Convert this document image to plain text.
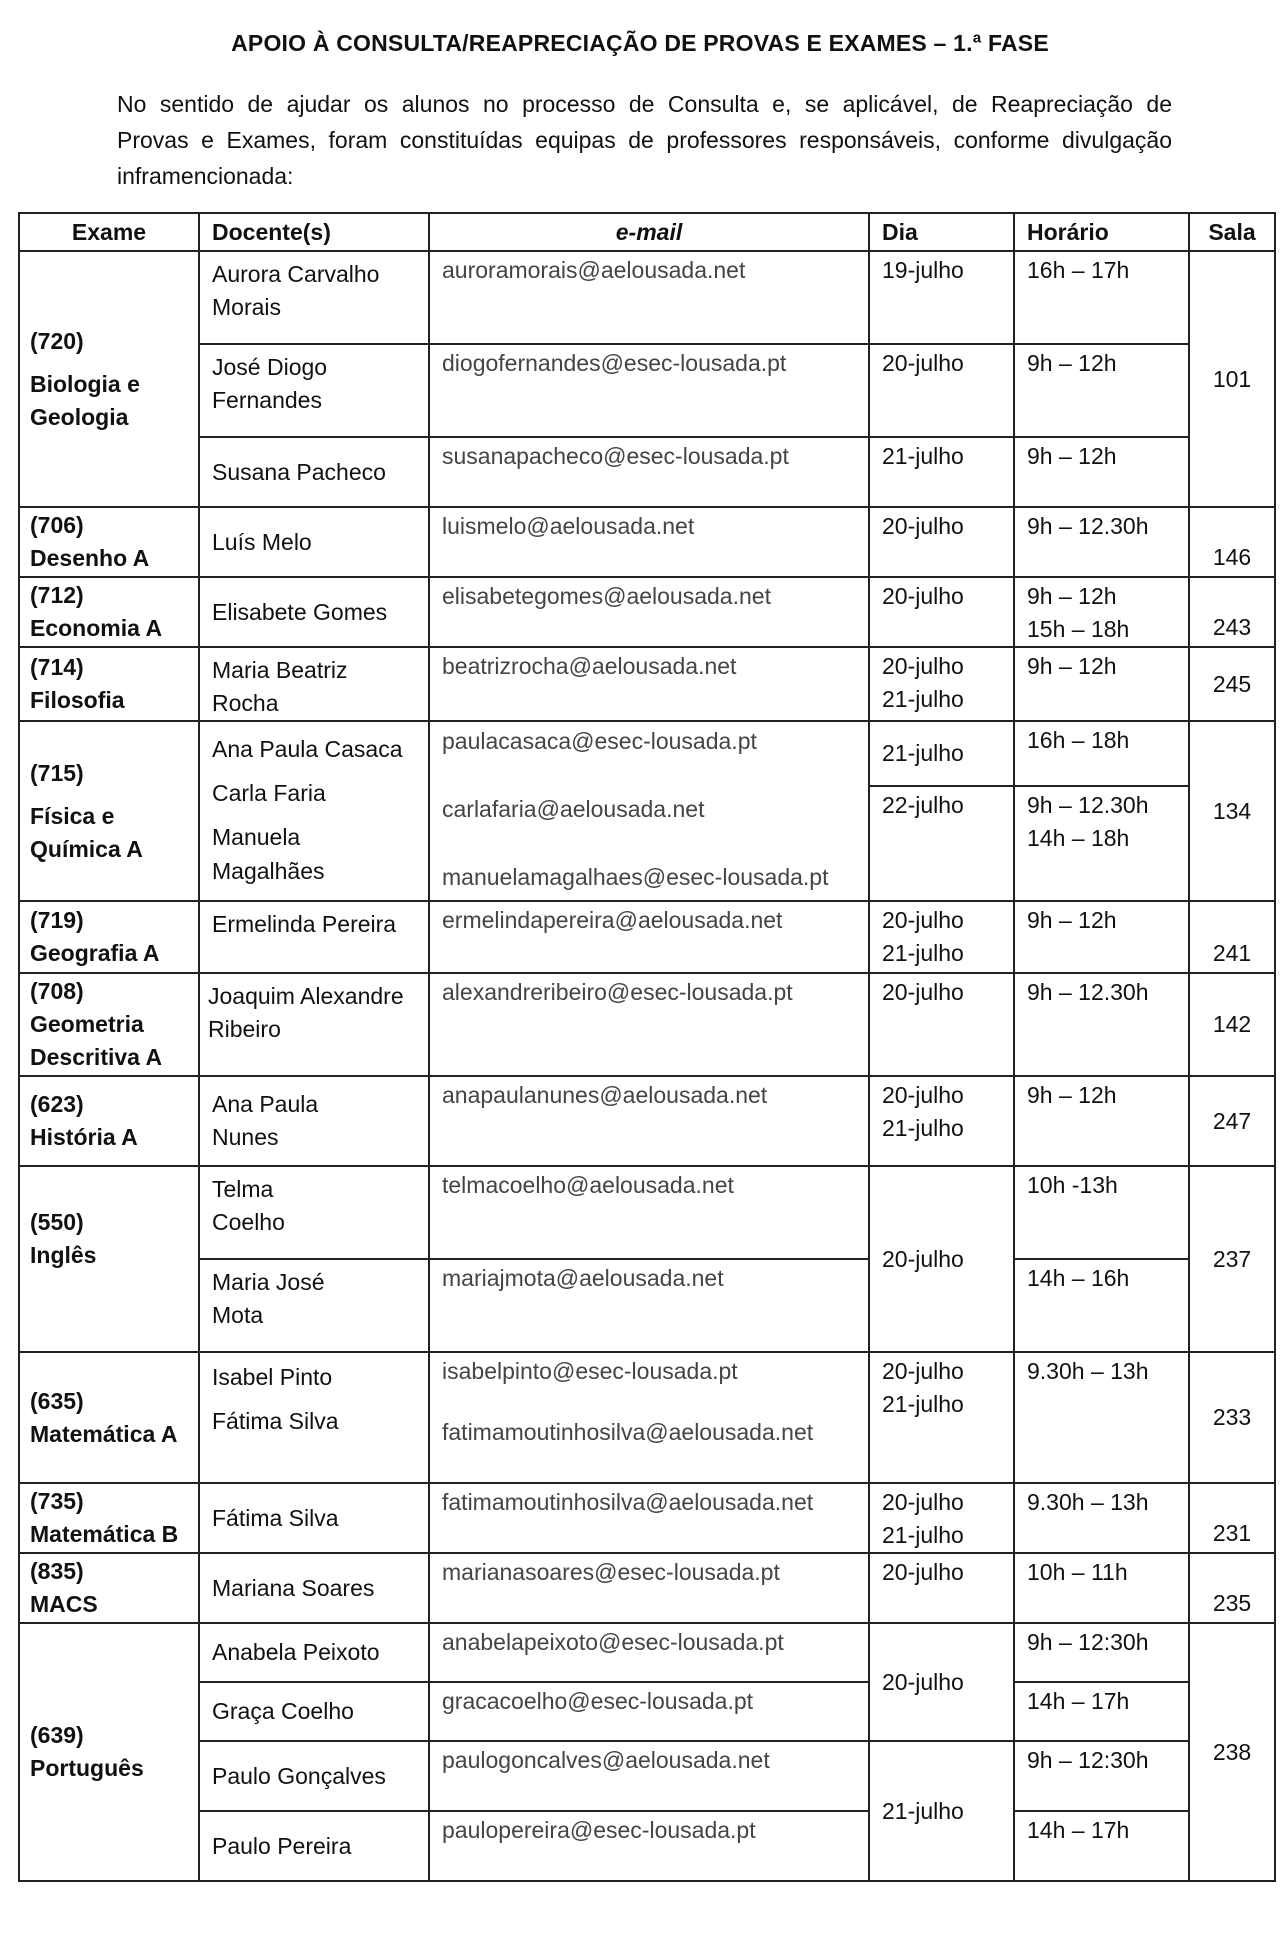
APOIO À CONSULTA/REAPRECIAÇÃO DE PROVAS E EXAMES – 1.ª FASE
No sentido de ajudar os alunos no processo de Consulta e, se aplicável, de Reapreciação de
Provas e Exames, foram constituídas equipas de professores responsáveis, conforme divulgação
inframencionada:
Exame	Docente(s)	e-mail	Dia	Horário	Sala

(720)
Biologia e
Geologia	Aurora Carvalho
Morais	auroramorais@aelousada.net	19-julho	16h – 17h	101

	José Diogo
Fernandes	diogofernandes@esec-lousada.pt	20-julho	9h – 12h	

	Susana Pacheco	susanapacheco@esec-lousada.pt	21-julho	9h – 12h	

(706)
Desenho A	Luís Melo	luismelo@aelousada.net	20-julho	9h – 12.30h	146

(712)
Economia A	Elisabete Gomes	elisabetegomes@aelousada.net	20-julho	9h – 12h
15h – 18h	243

(714)
Filosofia	Maria Beatriz
Rocha	beatrizrocha@aelousada.net	20-julho
21-julho	9h – 12h	245

(715)
Física e
Química A	Ana Paula Casaca
Carla Faria
Manuela
Magalhães	paulacasaca@esec-lousada.pt
carlafaria@aelousada.net
manuelamagalhaes@esec-lousada.pt	21-julho	16h – 18h	134
			22-julho	9h – 12.30h
14h – 18h	

(719)
Geografia A	Ermelinda Pereira	ermelindapereira@aelousada.net	20-julho
21-julho	9h – 12h	241

(708)
Geometria
Descritiva A	Joaquim Alexandre
Ribeiro	alexandreribeiro@esec-lousada.pt	20-julho	9h – 12.30h	142

(623)
História A	Ana Paula
Nunes	anapaulanunes@aelousada.net	20-julho
21-julho	9h – 12h	247

(550)
Inglês	Telma
Coelho	telmacoelho@aelousada.net	20-julho	10h -13h	237

	Maria José
Mota	mariajmota@aelousada.net		14h – 16h	

(635)
Matemática A	Isabel Pinto
Fátima Silva	isabelpinto@esec-lousada.pt
fatimamoutinhosilva@aelousada.net	20-julho
21-julho	9.30h – 13h	233

(735)
Matemática B	Fátima Silva	fatimamoutinhosilva@aelousada.net	20-julho
21-julho	9.30h – 13h	231

(835)
MACS	Mariana Soares	marianasoares@esec-lousada.pt	20-julho	10h – 11h	235

(639)
Português	Anabela Peixoto	anabelapeixoto@esec-lousada.pt	20-julho	9h – 12:30h	238
	Graça Coelho	gracacoelho@esec-lousada.pt		14h – 17h	
	Paulo Gonçalves	paulogoncalves@aelousada.net	21-julho	9h – 12:30h	
	Paulo Pereira	paulopereira@esec-lousada.pt		14h – 17h	
